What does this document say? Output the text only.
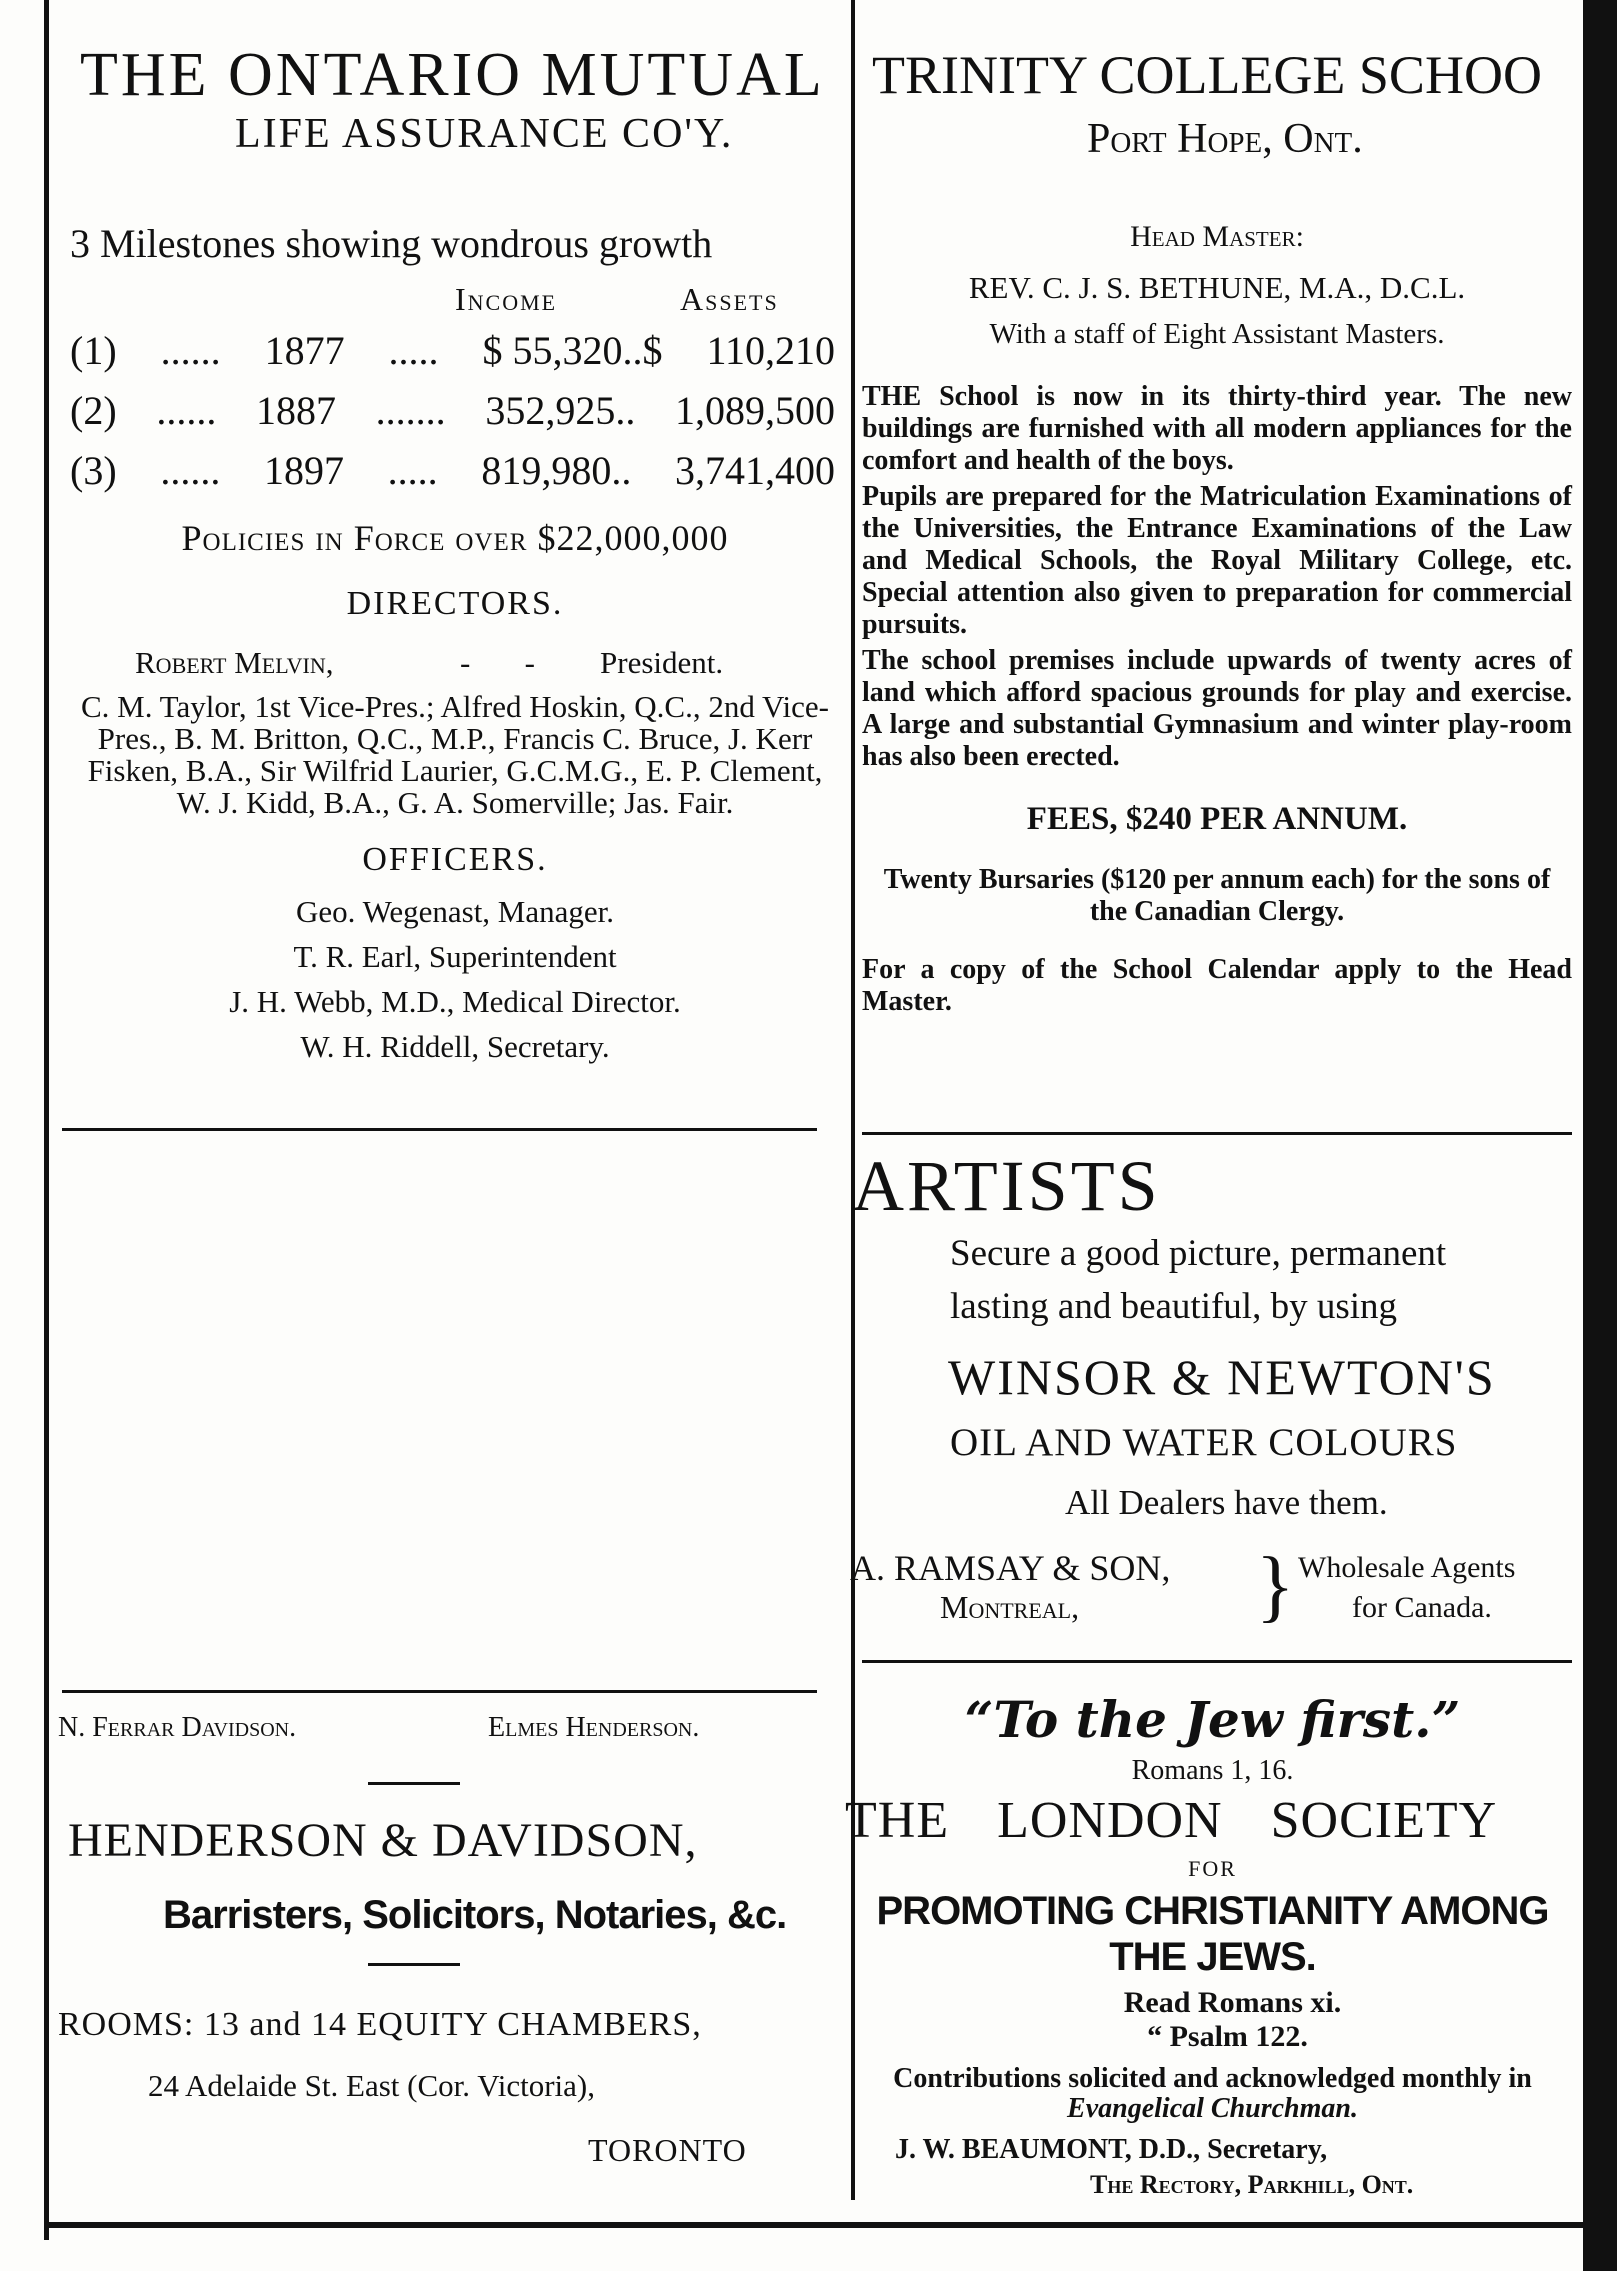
THE ONTARIO MUTUAL
LIFE ASSURANCE CO'Y.
3 Milestones showing wondrous growth
Income	Assets
(1) ...... 1877 ..... $ 55,320..$ 110,210
(2) ...... 1887 ....... 352,925.. 1,089,500
(3) ...... 1897 ..... 819,980.. 3,741,400
Policies in Force over $22,000,000
DIRECTORS.
Robert Melvin,	-       - President.
C. M. Taylor, 1st Vice-Pres.; Alfred Hoskin, Q.C., 2nd Vice-Pres., B. M. Britton, Q.C., M.P., Francis C. Bruce, J. Kerr Fisken, B.A., Sir Wilfrid Laurier, G.C.M.G., E. P. Clement, W. J. Kidd, B.A., G. A. Somerville; Jas. Fair.
OFFICERS.
Geo. Wegenast, Manager.
T. R. Earl, Superintendent
J. H. Webb, M.D., Medical Director.
W. H. Riddell, Secretary.
N. Ferrar Davidson.	Elmes Henderson.
HENDERSON & DAVIDSON,
Barristers, Solicitors, Notaries, &c.
ROOMS: 13 and 14 EQUITY CHAMBERS,
24 Adelaide St. East (Cor. Victoria),
TORONTO
TRINITY COLLEGE SCHOO
Port Hope, Ont.
Head Master:
REV. C. J. S. BETHUNE, M.A., D.C.L.
With a staff of Eight Assistant Masters.

THE School is now in its thirty-third year. The new buildings are furnished with all modern appliances for the comfort and health of the boys.

Pupils are prepared for the Matriculation Examinations of the Universities, the Entrance Examinations of the Law and Medical Schools, the Royal Military College, etc. Special attention also given to preparation for commercial pursuits.

The school premises include upwards of twenty acres of land which afford spacious grounds for play and exercise. A large and substantial Gymnasium and winter play-room has also been erected.

FEES, $240 PER ANNUM.

Twenty Bursaries ($120 per annum each) for the sons of the Canadian Clergy.

For a copy of the School Calendar apply to the Head Master.

ARTISTS
Secure a good picture, permanent
lasting and beautiful, by using
WINSOR & NEWTON'S
OIL AND WATER COLOURS
All Dealers have them.
A. RAMSAY & SON,
Montreal, } Wholesale Agents
for Canada.
“To the Jew first.”
Romans 1, 16.
THE LONDON SOCIETY
FOR
PROMOTING CHRISTIANITY AMONG THE JEWS.
Read Romans xi.
“ Psalm 122.
Contributions solicited and acknowledged monthly in Evangelical Churchman.
J. W. BEAUMONT, D.D., Secretary,
The Rectory, Parkhill, Ont.
